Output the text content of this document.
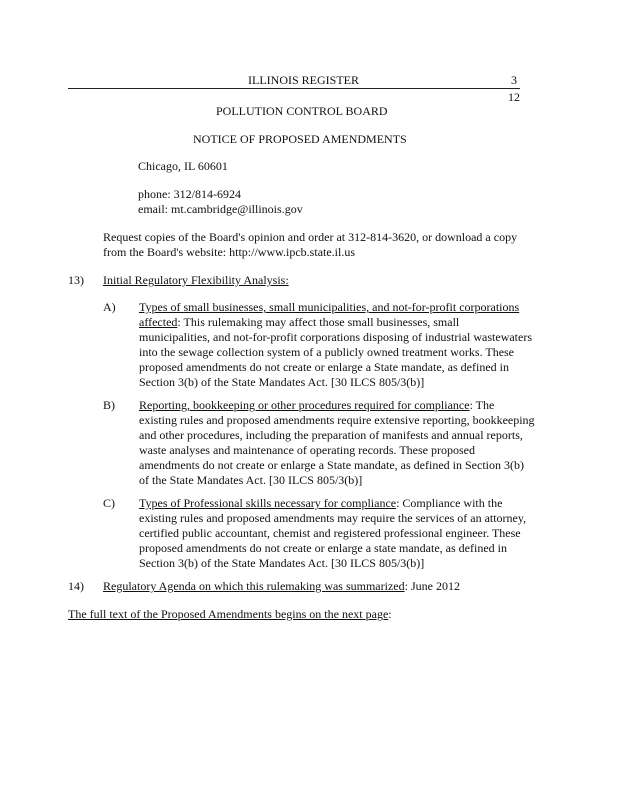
ILLINOIS REGISTER	3
12
POLLUTION CONTROL BOARD
NOTICE OF PROPOSED AMENDMENTS
Chicago, IL 60601
phone: 312/814-6924
email: mt.cambridge@illinois.gov
Request copies of the Board's opinion and order at 312-814-3620, or download a copy
from the Board's website: http://www.ipcb.state.il.us
13) Initial Regulatory Flexibility Analysis:
A) Types of small businesses, small municipalities, and not-for-profit corporations
affected: This rulemaking may affect those small businesses, small
municipalities, and not-for-profit corporations disposing of industrial wastewaters
into the sewage collection system of a publicly owned treatment works. These
proposed amendments do not create or enlarge a State mandate, as defined in
Section 3(b) of the State Mandates Act. [30 ILCS 805/3(b)]
B) Reporting, bookkeeping or other procedures required for compliance: The
existing rules and proposed amendments require extensive reporting, bookkeeping
and other procedures, including the preparation of manifests and annual reports,
waste analyses and maintenance of operating records. These proposed
amendments do not create or enlarge a State mandate, as defined in Section 3(b)
of the State Mandates Act. [30 ILCS 805/3(b)]
C) Types of Professional skills necessary for compliance: Compliance with the
existing rules and proposed amendments may require the services of an attorney,
certified public accountant, chemist and registered professional engineer. These
proposed amendments do not create or enlarge a state mandate, as defined in
Section 3(b) of the State Mandates Act. [30 ILCS 805/3(b)]
14) Regulatory Agenda on which this rulemaking was summarized: June 2012
The full text of the Proposed Amendments begins on the next page:
